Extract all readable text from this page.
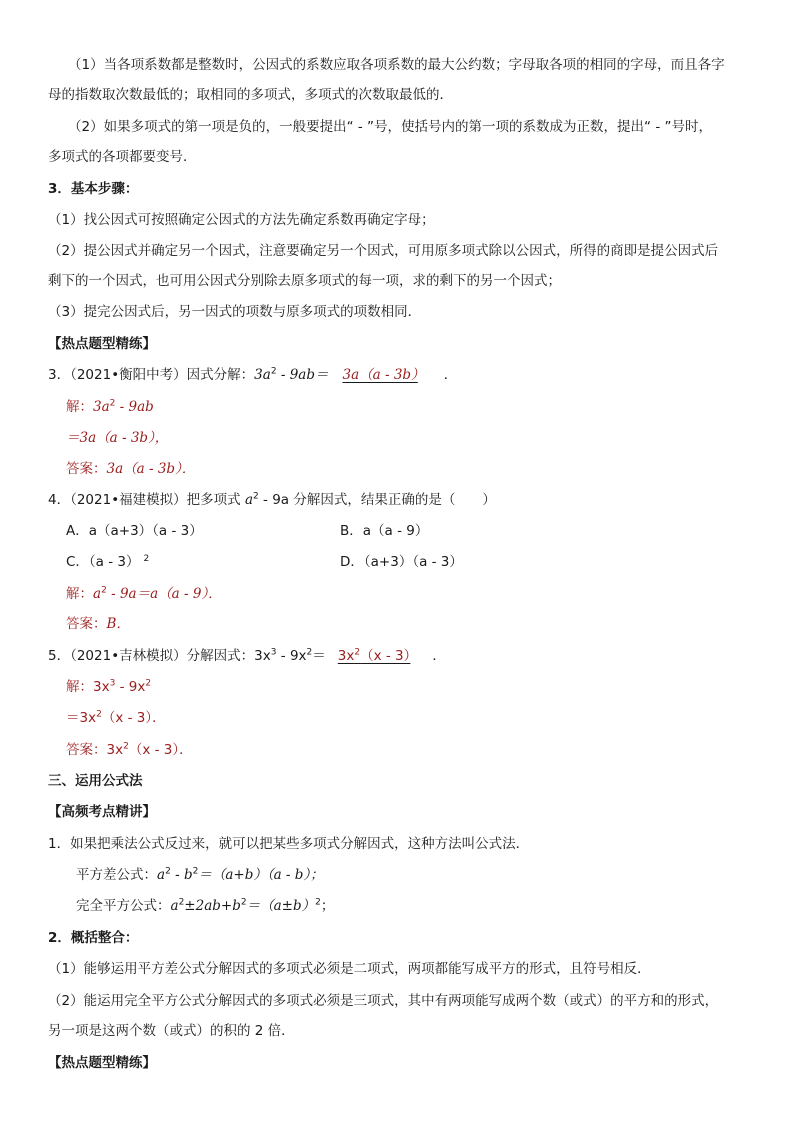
（1）当各项系数都是整数时，公因式的系数应取各项系数的最大公约数；字母取各项的相同的字母，而且各字
母的指数取次数最低的；取相同的多项式，多项式的次数取最低的．
（2）如果多项式的第一项是负的，一般要提出“ - ”号，使括号内的第一项的系数成为正数，提出“ - ”号时，
多项式的各项都要变号．
3．基本步骤：
（1）找公因式可按照确定公因式的方法先确定系数再确定字母；
（2）提公因式并确定另一个因式，注意要确定另一个因式，可用原多项式除以公因式，所得的商即是提公因式后
剩下的一个因式，也可用公因式分别除去原多项式的每一项，求的剩下的另一个因式；
（3）提完公因式后，另一因式的项数与原多项式的项数相同．
【热点题型精练】
3．（2021•衡阳中考）因式分解：$3a^2 - 9ab= 3a(a - 3b)$ ．
解：$3a^2 - 9ab$
＝3a（a - 3b），
答案：3a（a - 3b）．
4．（2021•福建模拟）把多项式 $a^2 - 9a$ 分解因式，结果正确的是（　　）
A．a（a+3）（a - 3）	B．a（a - 9）
C．（a - 3） $^2$	D．（a+3）（a - 3）
解：$a^2 - 9a=a(a - 9)$．
答案：B．
5．（2021•吉林模拟）分解因式：$3x^3 - 9x^2= 3x^2(x - 3)$ ．
解：$3x^3 - 9x^2$
$=3x^2(x - 3)$．
答案：$3x^2(x - 3)$．
三、运用公式法
【高频考点精讲】
1．如果把乘法公式反过来，就可以把某些多项式分解因式，这种方法叫公式法．
平方差公式：$a^2 - b^2=(a+b)(a - b)$；
完全平方公式：$a^2\pm 2ab+b^2=(a\pm b)^2$；
2．概括整合：
（1）能够运用平方差公式分解因式的多项式必须是二项式，两项都能写成平方的形式，且符号相反．
（2）能运用完全平方公式分解因式的多项式必须是三项式，其中有两项能写成两个数（或式）的平方和的形式，
另一项是这两个数（或式）的积的 2 倍．
【热点题型精练】
